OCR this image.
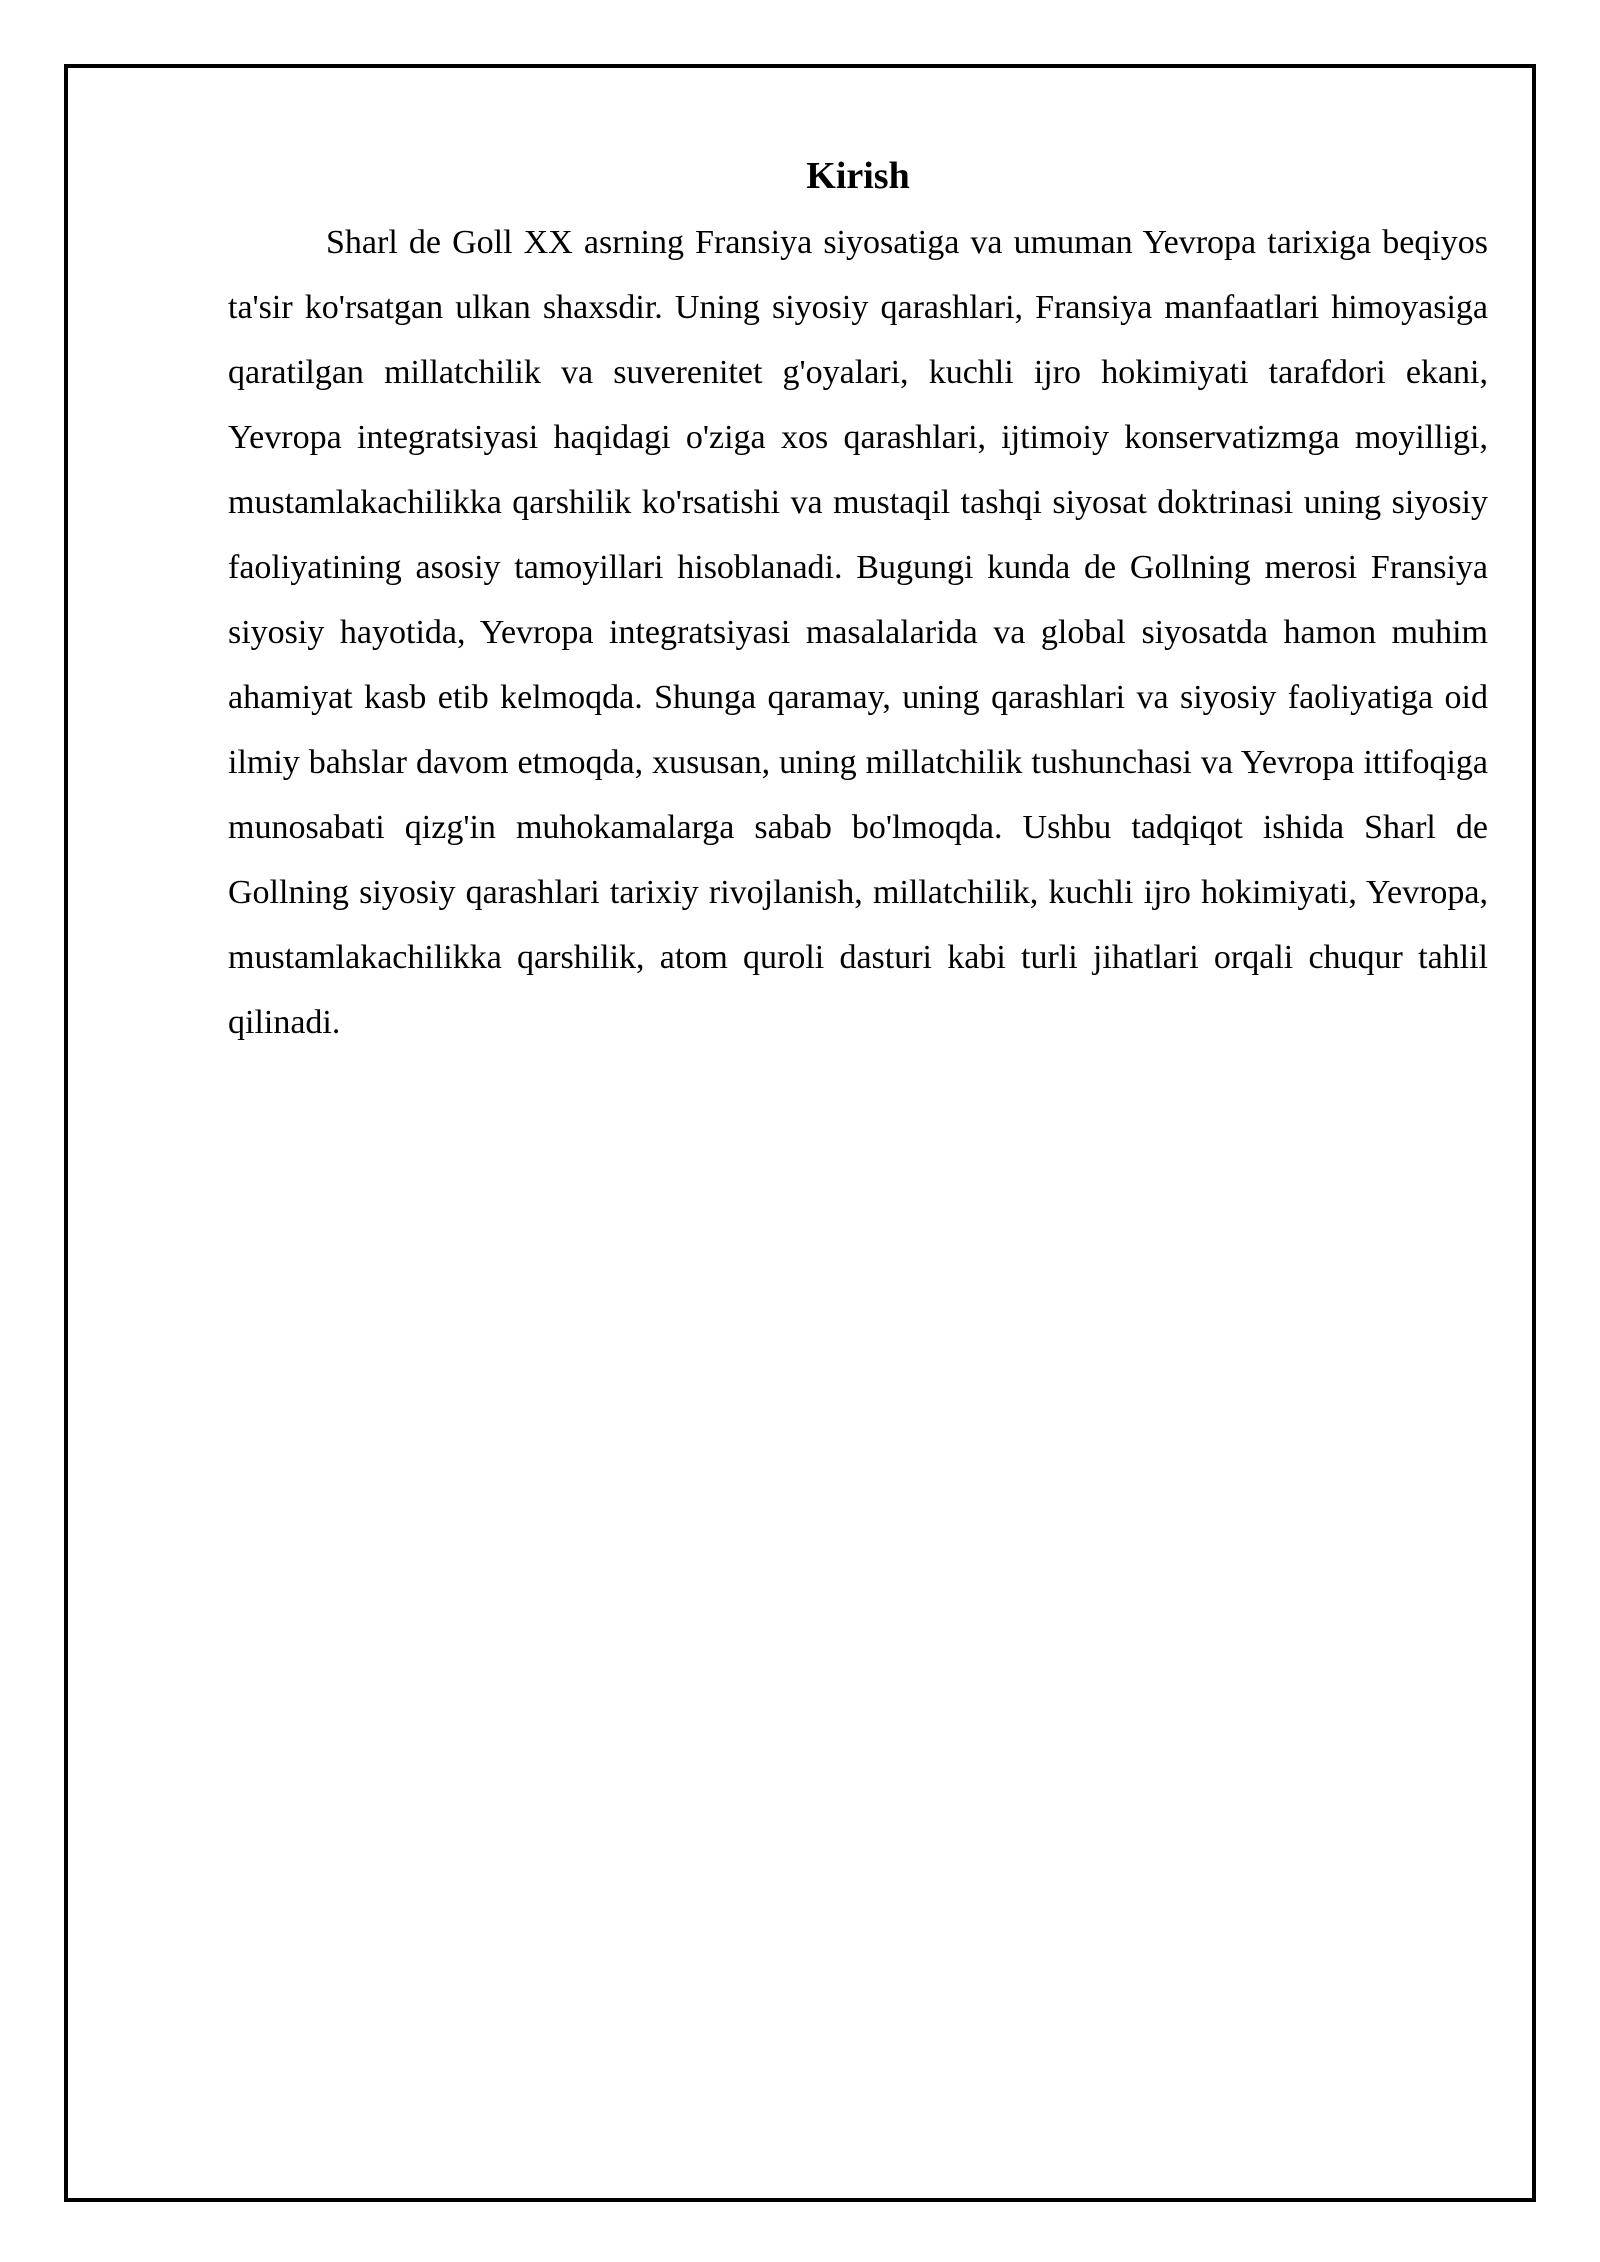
Kirish

Sharl de Goll XX asrning Fransiya siyosatiga va umuman Yevropa tarixiga beqiyos ta'sir ko'rsatgan ulkan shaxsdir. Uning siyosiy qarashlari, Fransiya manfaatlari himoyasiga qaratilgan millatchilik va suverenitet g'oyalari, kuchli ijro hokimiyati tarafdori ekani, Yevropa integratsiyasi haqidagi o'ziga xos qarashlari, ijtimoiy konservatizmga moyilligi, mustamlakachilikka qarshilik ko'rsatishi va mustaqil tashqi siyosat doktrinasi uning siyosiy faoliyatining asosiy tamoyillari hisoblanadi. Bugungi kunda de Gollning merosi Fransiya siyosiy hayotida, Yevropa integratsiyasi masalalarida va global siyosatda hamon muhim ahamiyat kasb etib kelmoqda. Shunga qaramay, uning qarashlari va siyosiy faoliyatiga oid ilmiy bahslar davom etmoqda, xususan, uning millatchilik tushunchasi va Yevropa ittifoqiga munosabati qizg'in muhokamalarga sabab bo'lmoqda. Ushbu tadqiqot ishida Sharl de Gollning siyosiy qarashlari tarixiy rivojlanish, millatchilik, kuchli ijro hokimiyati, Yevropa, mustamlakachilikka qarshilik, atom quroli dasturi kabi turli jihatlari orqali chuqur tahlil qilinadi.
